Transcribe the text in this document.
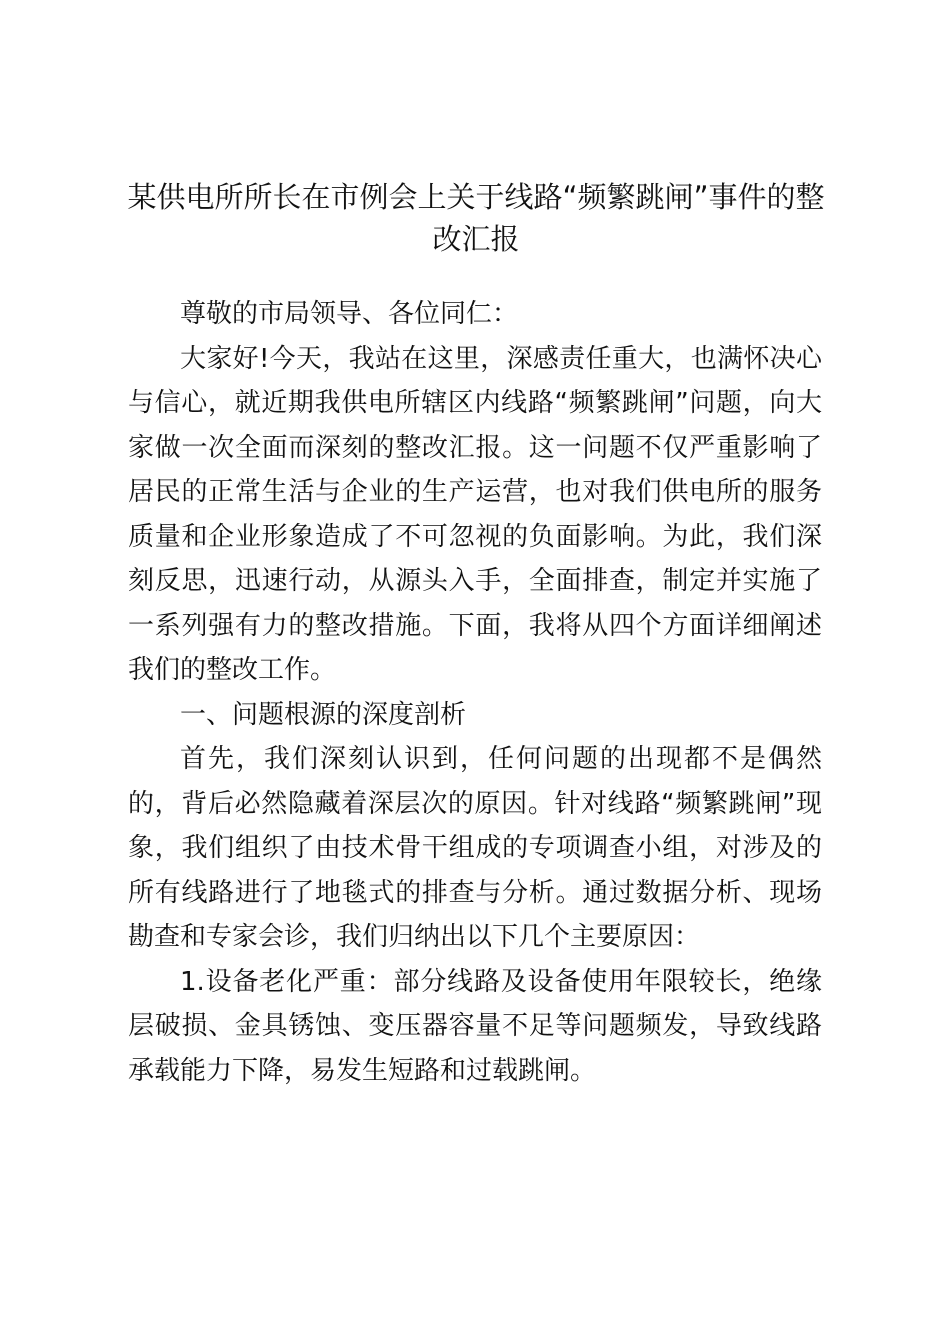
某供电所所长在市例会上关于线路“频繁跳闸”事件的整改汇报

尊敬的市局领导、各位同仁：

大家好!今天，我站在这里，深感责任重大，也满怀决心与信心，就近期我供电所辖区内线路“频繁跳闸”问题，向大家做一次全面而深刻的整改汇报。这一问题不仅严重影响了居民的正常生活与企业的生产运营，也对我们供电所的服务质量和企业形象造成了不可忽视的负面影响。为此，我们深刻反思，迅速行动，从源头入手，全面排查，制定并实施了一系列强有力的整改措施。下面，我将从四个方面详细阐述我们的整改工作。

一、问题根源的深度剖析

首先，我们深刻认识到，任何问题的出现都不是偶然的，背后必然隐藏着深层次的原因。针对线路“频繁跳闸”现象，我们组织了由技术骨干组成的专项调查小组，对涉及的所有线路进行了地毯式的排查与分析。通过数据分析、现场勘查和专家会诊，我们归纳出以下几个主要原因：

1.设备老化严重：部分线路及设备使用年限较长，绝缘层破损、金具锈蚀、变压器容量不足等问题频发，导致线路承载能力下降，易发生短路和过载跳闸。
